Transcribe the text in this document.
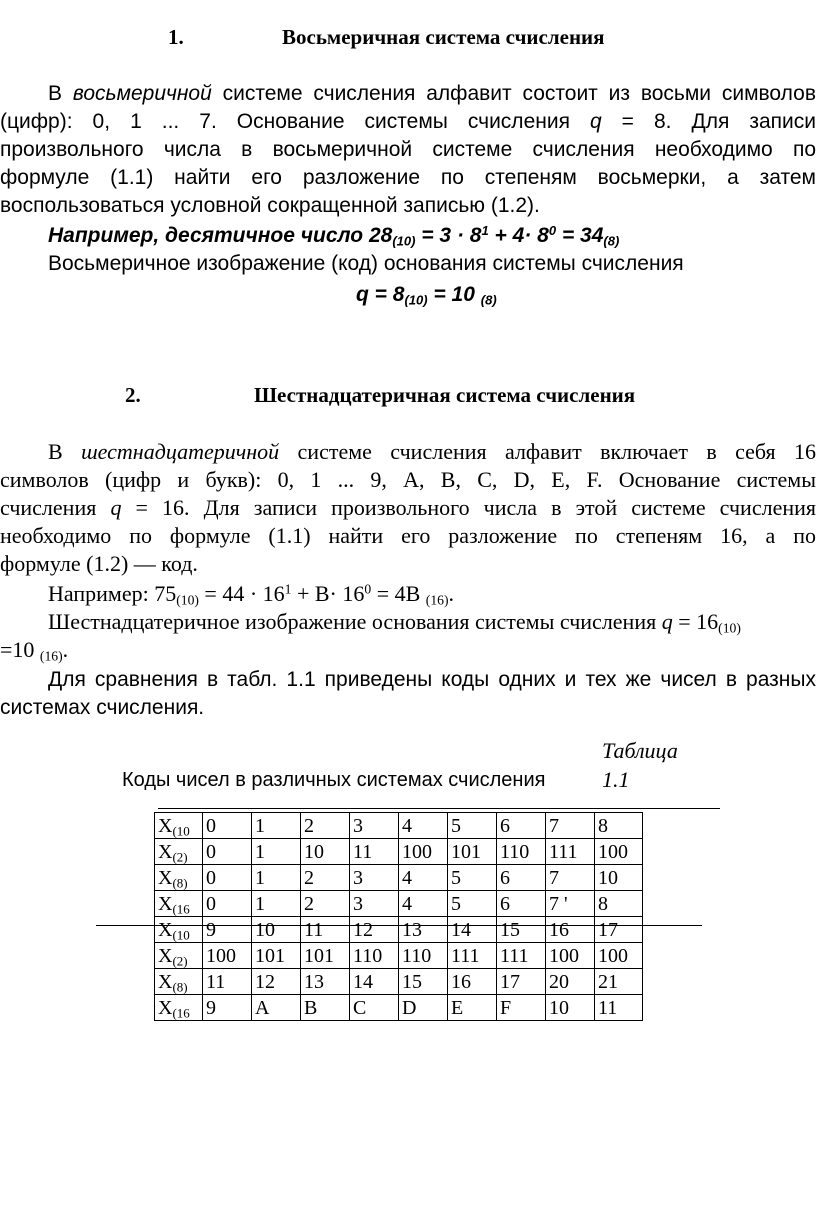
1.	Восьмеричная система счисления
В восьмеричной системе счисления алфавит состоит из восьми символов
(цифр): 0, 1 ... 7. Основание системы счисления q = 8. Для записи
произвольного числа в восьмеричной системе счисления необходимо по
формуле (1.1) найти его разложение по степеням восьмерки, а затем
воспользоваться условной сокращенной записью (1.2).
Например, десятичное число $28_{(10)} = 3 \cdot 8^1 + 4\cdot 8^0 = 34_{(8)}$
Восьмеричное изображение (код) основания системы счисления
$q = 8_{(10)} = 10$ $_{(8)}$
2.	Шестнадцатеричная система счисления
В шестнадцатеричной системе счисления алфавит включает в себя 16
символов (цифр и букв): 0, 1 ... 9, A, B, C, D, E, F. Основание системы
счисления q = 16. Для записи произвольного числа в этой системе счисления
необходимо по формуле (1.1) найти его разложение по степеням 16, а по
формуле (1.2) — код.
Например: $75_{(10)} = 44 \cdot 16^1 + B\cdot 16^0 = 4B$ $_{(16)}$.
Шестнадцатеричное изображение основания системы счисления $q = 16_{(10)}$
=10 $_{(16)}$.
Для сравнения в табл. 1.1 приведены коды одних и тех же чисел в разных
системах счисления.
Таблица
Коды чисел в различных системах счисления	1.1
$X_{(10}$	0	1	2	3	4	5	6	7	8
$X_{(2)}$	0	1	10	11	100	101	110	111	100
$X_{(8)}$	0	1	2	3	4	5	6	7	10
$X_{(16}$	0	1	2	3	4	5	6	7 '	8
$X_{(10}$	9	10	11	12	13	14	15	16	17
$X_{(2)}$	100	101	101	110	110	111	111	100	100
$X_{(8)}$	11	12	13	14	15	16	17	20	21
$X_{(16}$	9	A	B	C	D	E	F	10	11
